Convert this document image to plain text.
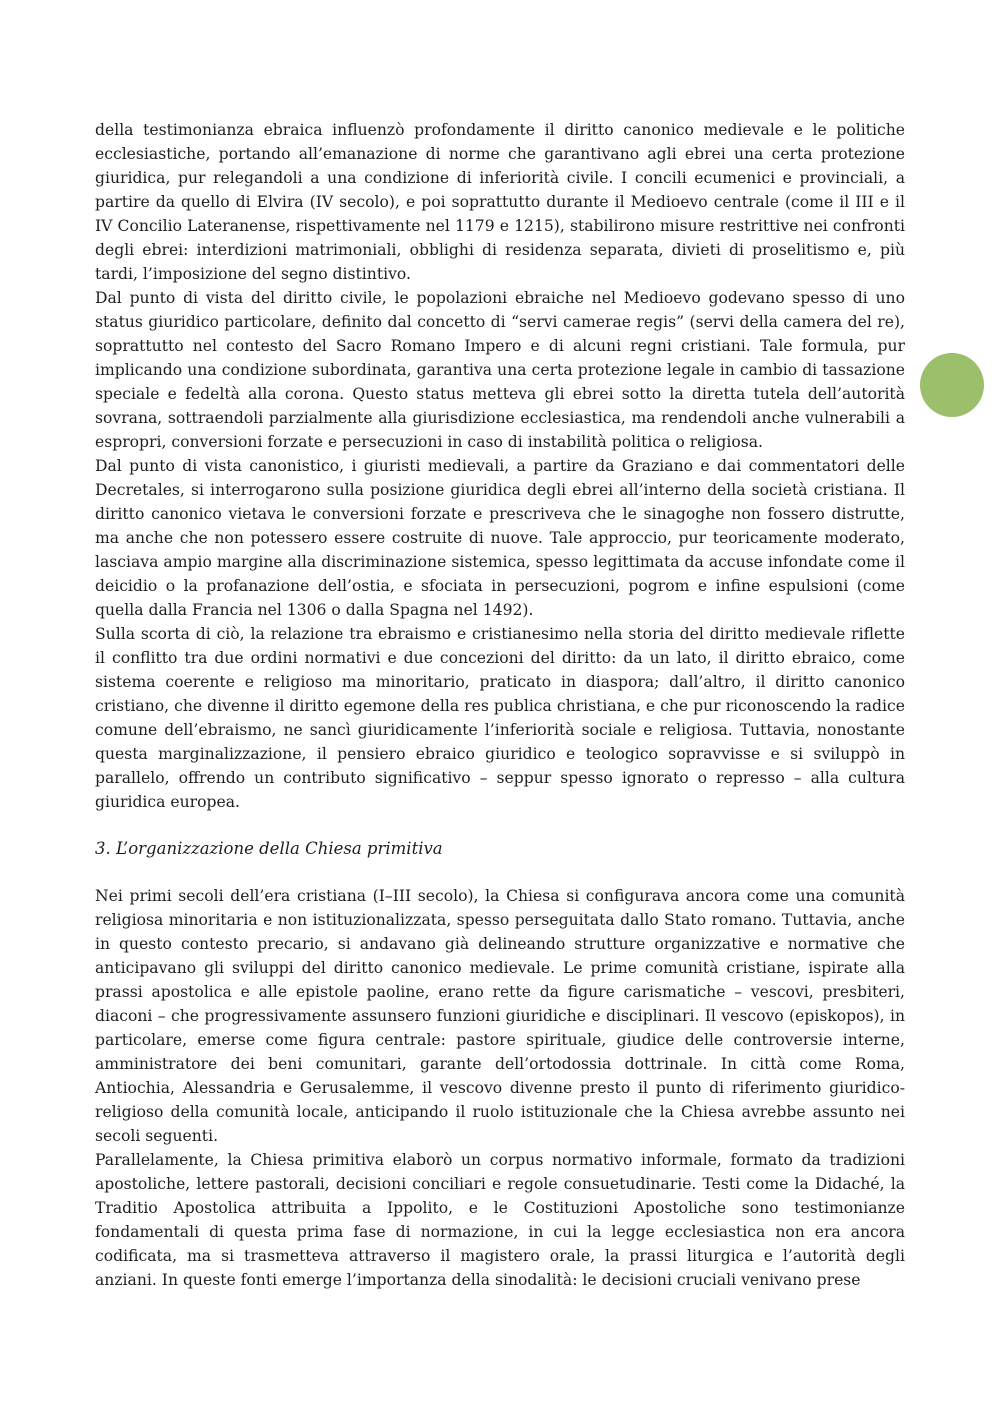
della testimonianza ebraica influenzò profondamente il diritto canonico medievale e le politiche ecclesiastiche, portando all’emanazione di norme che garantivano agli ebrei una certa protezione giuridica, pur relegandoli a una condizione di inferiorità civile. I concili ecumenici e provinciali, a partire da quello di Elvira (IV secolo), e poi soprattutto durante il Medioevo centrale (come il III e il IV Concilio Lateranense, rispettivamente nel 1179 e 1215), stabilirono misure restrittive nei confronti degli ebrei: interdizioni matrimoniali, obblighi di residenza separata, divieti di proselitismo e, più tardi, l’imposizione del segno distintivo.

Dal punto di vista del diritto civile, le popolazioni ebraiche nel Medioevo godevano spesso di uno status giuridico particolare, definito dal concetto di “servi camerae regis” (servi della camera del re), soprattutto nel contesto del Sacro Romano Impero e di alcuni regni cristiani. Tale formula, pur implicando una condizione subordinata, garantiva una certa protezione legale in cambio di tassazione speciale e fedeltà alla corona. Questo status metteva gli ebrei sotto la diretta tutela dell’autorità sovrana, sottraendoli parzialmente alla giurisdizione ecclesiastica, ma rendendoli anche vulnerabili a espropri, conversioni forzate e persecuzioni in caso di instabilità politica o religiosa.

Dal punto di vista canonistico, i giuristi medievali, a partire da Graziano e dai commentatori delle Decretales, si interrogarono sulla posizione giuridica degli ebrei all’interno della società cristiana. Il diritto canonico vietava le conversioni forzate e prescriveva che le sinagoghe non fossero distrutte, ma anche che non potessero essere costruite di nuove. Tale approccio, pur teoricamente moderato, lasciava ampio margine alla discriminazione sistemica, spesso legittimata da accuse infondate come il deicidio o la profanazione dell’ostia, e sfociata in persecuzioni, pogrom e infine espulsioni (come quella dalla Francia nel 1306 o dalla Spagna nel 1492).

Sulla scorta di ciò, la relazione tra ebraismo e cristianesimo nella storia del diritto medievale riflette il conflitto tra due ordini normativi e due concezioni del diritto: da un lato, il diritto ebraico, come sistema coerente e religioso ma minoritario, praticato in diaspora; dall’altro, il diritto canonico cristiano, che divenne il diritto egemone della res publica christiana, e che pur riconoscendo la radice comune dell’ebraismo, ne sancì giuridicamente l’inferiorità sociale e religiosa. Tuttavia, nonostante questa marginalizzazione, il pensiero ebraico giuridico e teologico sopravvisse e si sviluppò in parallelo, offrendo un contributo significativo – seppur spesso ignorato o represso – alla cultura giuridica europea.

3. L’organizzazione della Chiesa primitiva

Nei primi secoli dell’era cristiana (I–III secolo), la Chiesa si configurava ancora come una comunità religiosa minoritaria e non istituzionalizzata, spesso perseguitata dallo Stato romano. Tuttavia, anche in questo contesto precario, si andavano già delineando strutture organizzative e normative che anticipavano gli sviluppi del diritto canonico medievale. Le prime comunità cristiane, ispirate alla prassi apostolica e alle epistole paoline, erano rette da figure carismatiche – vescovi, presbiteri, diaconi – che progressivamente assunsero funzioni giuridiche e disciplinari. Il vescovo (episkopos), in particolare, emerse come figura centrale: pastore spirituale, giudice delle controversie interne, amministratore dei beni comunitari, garante dell’ortodossia dottrinale. In città come Roma, Antiochia, Alessandria e Gerusalemme, il vescovo divenne presto il punto di riferimento giuridico-religioso della comunità locale, anticipando il ruolo istituzionale che la Chiesa avrebbe assunto nei secoli seguenti.

Parallelamente, la Chiesa primitiva elaborò un corpus normativo informale, formato da tradizioni apostoliche, lettere pastorali, decisioni conciliari e regole consuetudinarie. Testi come la Didaché, la Traditio Apostolica attribuita a Ippolito, e le Costituzioni Apostoliche sono testimonianze fondamentali di questa prima fase di normazione, in cui la legge ecclesiastica non era ancora codificata, ma si trasmetteva attraverso il magistero orale, la prassi liturgica e l’autorità degli anziani. In queste fonti emerge l’importanza della sinodalità: le decisioni cruciali venivano prese
